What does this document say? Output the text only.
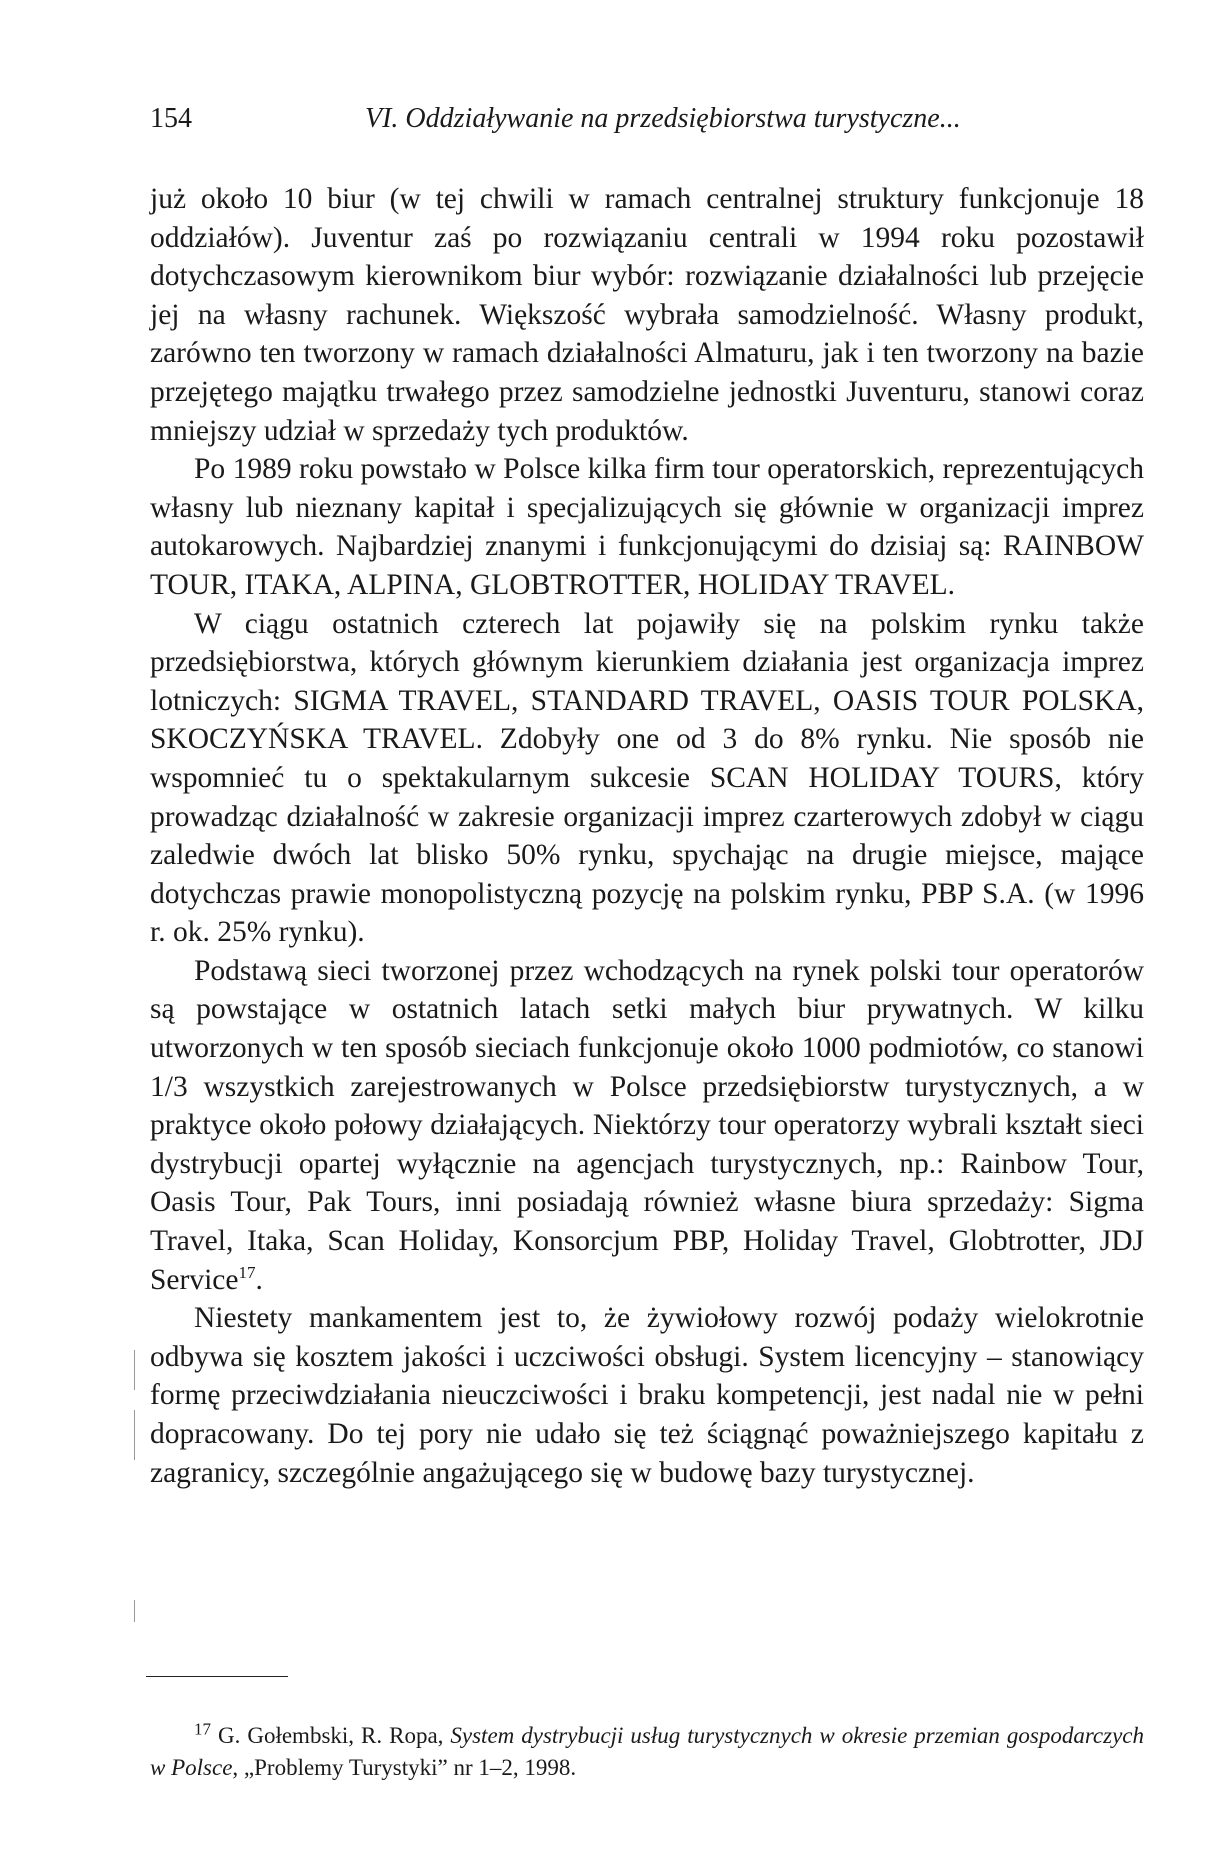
154	VI. Oddziaływanie na przedsiębiorstwa turystyczne...

już około 10 biur (w tej chwili w ramach centralnej struktury funkcjonuje 18 oddziałów). Juventur zaś po rozwiązaniu centrali w 1994 roku pozostawił dotychczasowym kierownikom biur wybór: rozwiązanie działalności lub przejęcie jej na własny rachunek. Większość wybrała samodzielność. Własny produkt, zarówno ten tworzony w ramach działalności Almaturu, jak i ten tworzony na bazie przejętego majątku trwałego przez samodzielne jednostki Juventuru, stanowi coraz mniejszy udział w sprzedaży tych produktów.

Po 1989 roku powstało w Polsce kilka firm tour operatorskich, reprezentujących własny lub nieznany kapitał i specjalizujących się głównie w organizacji imprez autokarowych. Najbardziej znanymi i funkcjonującymi do dzisiaj są: RAINBOW TOUR, ITAKA, ALPINA, GLOBTROTTER, HOLIDAY TRAVEL.

W ciągu ostatnich czterech lat pojawiły się na polskim rynku także przedsiębiorstwa, których głównym kierunkiem działania jest organizacja imprez lotniczych: SIGMA TRAVEL, STANDARD TRAVEL, OASIS TOUR POLSKA, SKOCZYŃSKA TRAVEL. Zdobyły one od 3 do 8% rynku. Nie sposób nie wspomnieć tu o spektakularnym sukcesie SCAN HOLIDAY TOURS, który prowadząc działalność w zakresie organizacji imprez czarterowych zdobył w ciągu zaledwie dwóch lat blisko 50% rynku, spychając na drugie miejsce, mające dotychczas prawie monopolistyczną pozycję na polskim rynku, PBP S.A. (w 1996 r. ok. 25% rynku).

Podstawą sieci tworzonej przez wchodzących na rynek polski tour operatorów są powstające w ostatnich latach setki małych biur prywatnych. W kilku utworzonych w ten sposób sieciach funkcjonuje około 1000 podmiotów, co stanowi 1/3 wszystkich zarejestrowanych w Polsce przedsiębiorstw turystycznych, a w praktyce około połowy działających. Niektórzy tour operatorzy wybrali kształt sieci dystrybucji opartej wyłącznie na agencjach turystycznych, np.: Rainbow Tour, Oasis Tour, Pak Tours, inni posiadają również własne biura sprzedaży: Sigma Travel, Itaka, Scan Holiday, Konsorcjum PBP, Holiday Travel, Globtrotter, JDJ Service$^{17}$.

Niestety mankamentem jest to, że żywiołowy rozwój podaży wielokrotnie odbywa się kosztem jakości i uczciwości obsługi. System licencyjny – stanowiący formę przeciwdziałania nieuczciwości i braku kompetencji, jest nadal nie w pełni dopracowany. Do tej pory nie udało się też ściągnąć poważniejszego kapitału z zagranicy, szczególnie angażującego się w budowę bazy turystycznej.

$^{17}$ G. Gołembski, R. Ropa, System dystrybucji usług turystycznych w okresie przemian gospodarczych w Polsce, „Problemy Turystyki” nr 1–2, 1998.
